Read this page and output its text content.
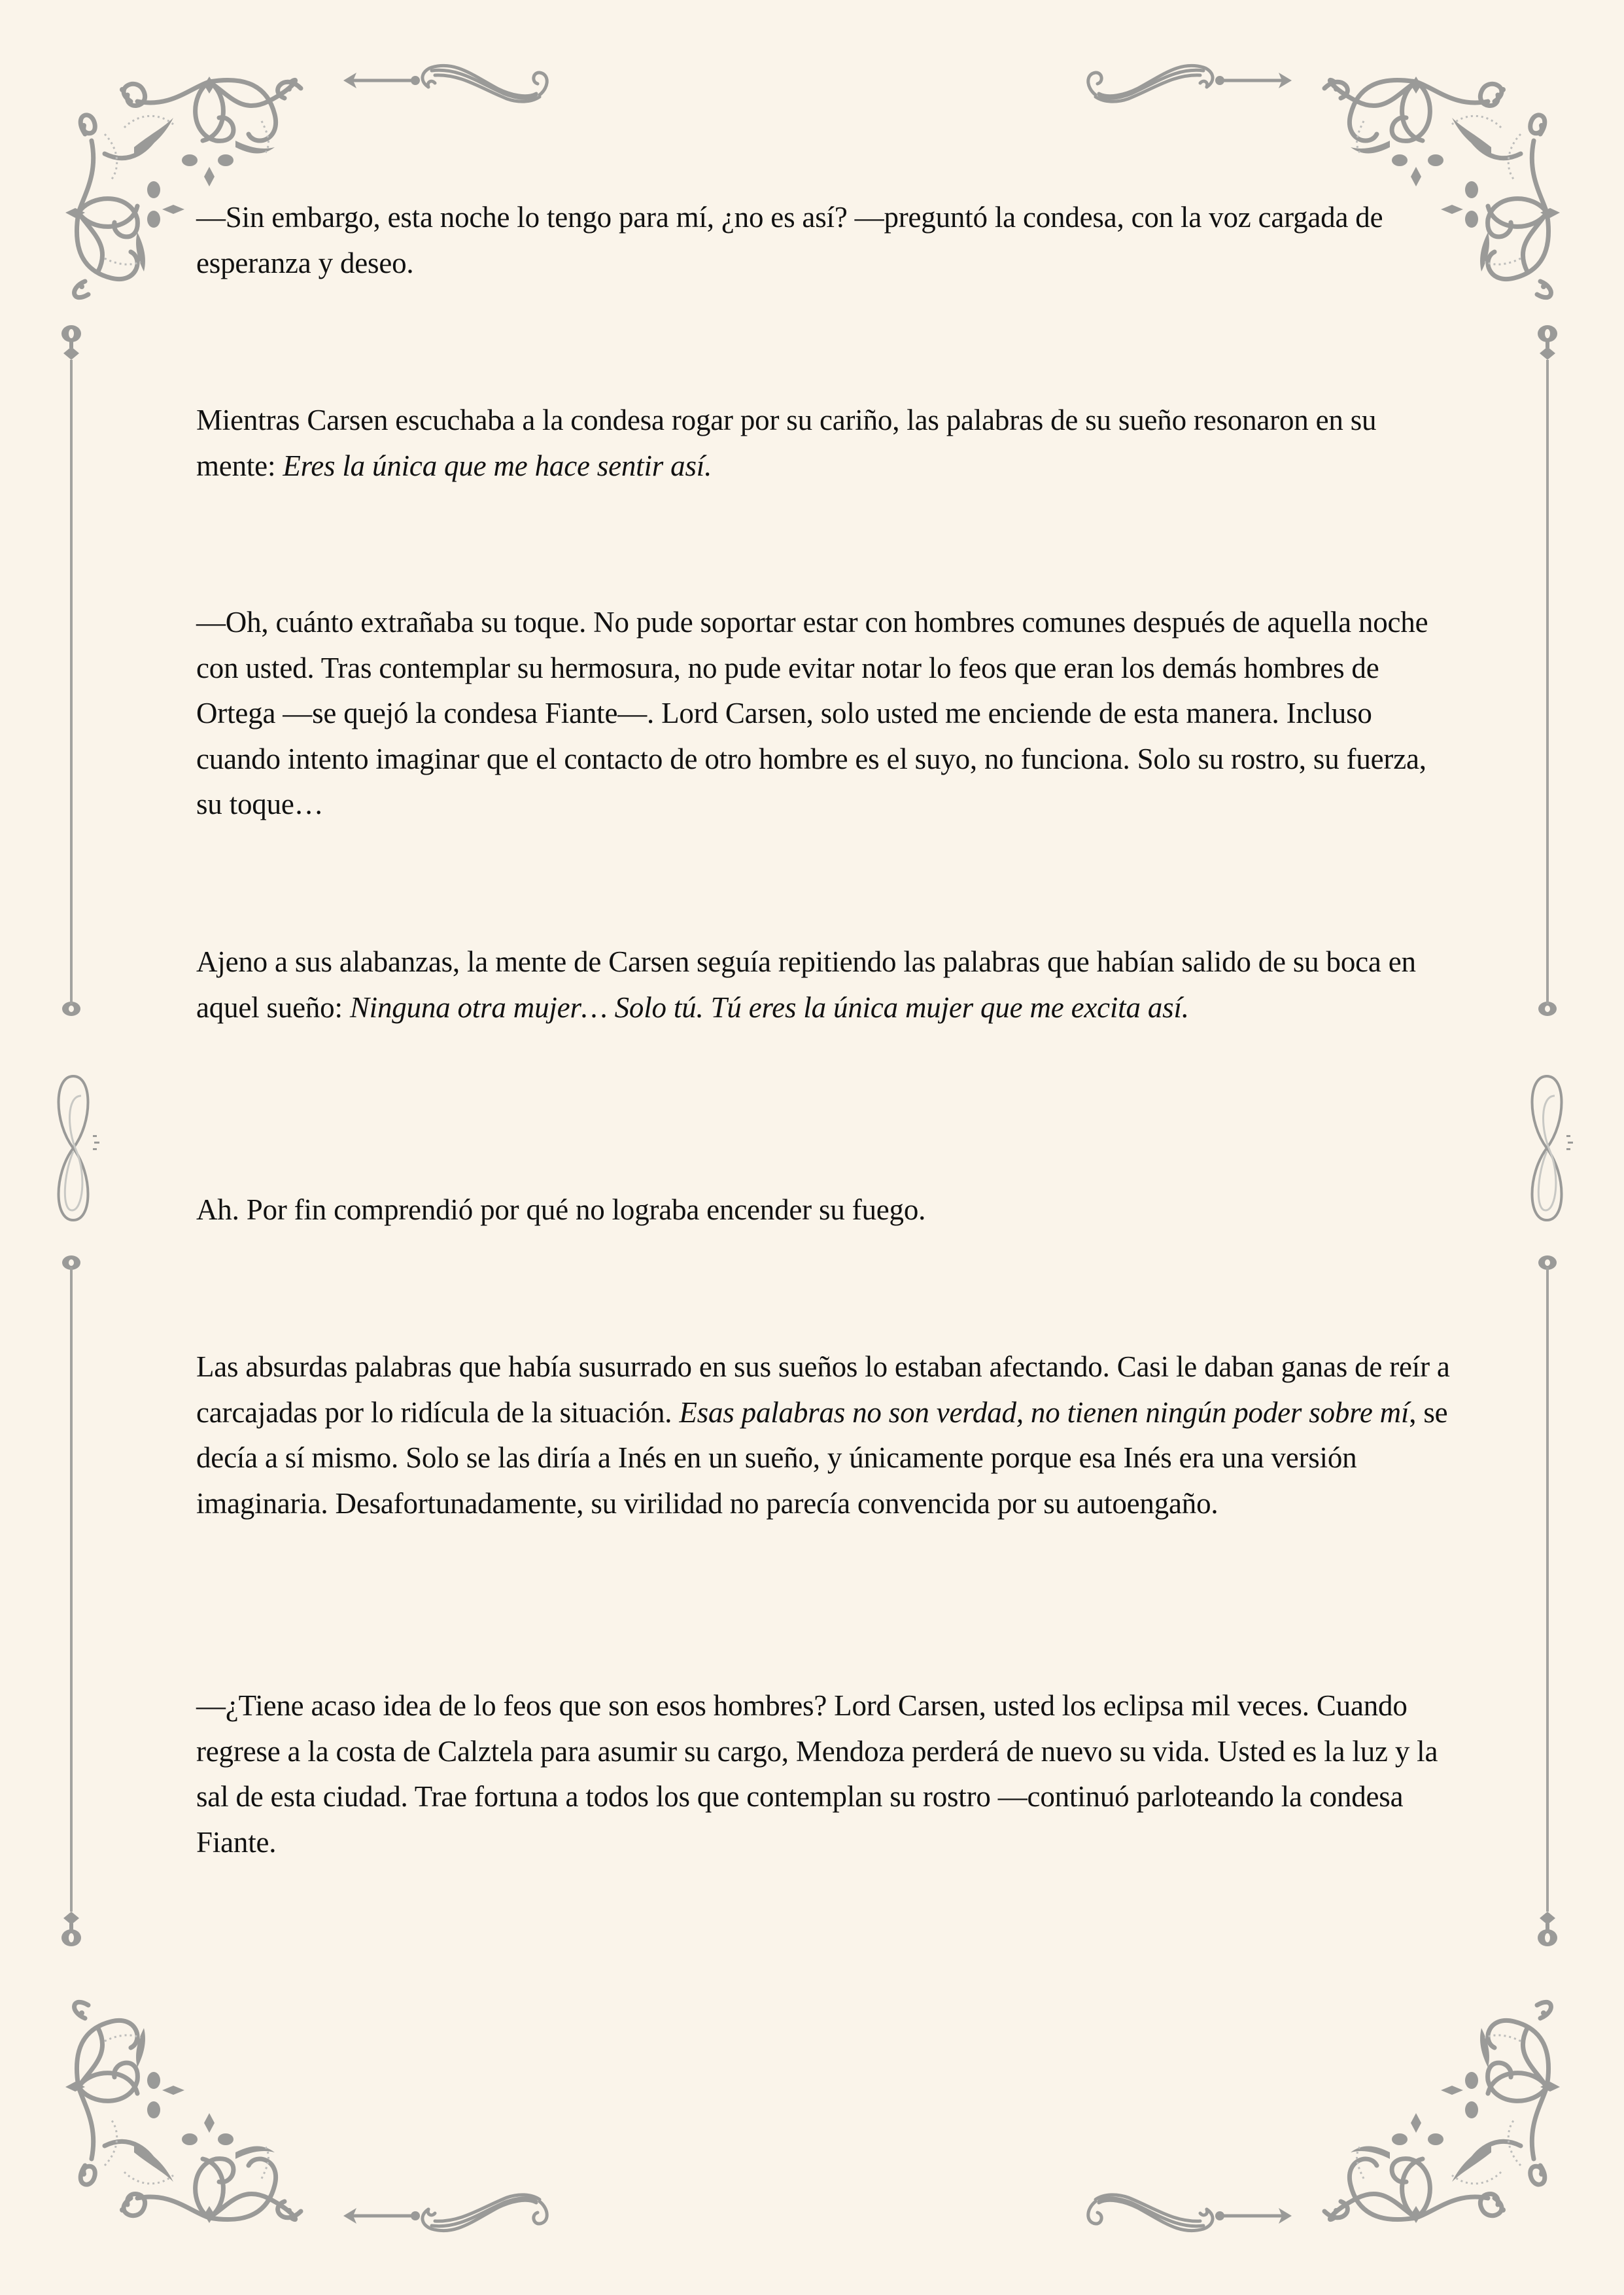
—Sin embargo, esta noche lo tengo para mí, ¿no es así? —preguntó la condesa, con la voz cargada de esperanza y deseo.

Mientras Carsen escuchaba a la condesa rogar por su cariño, las palabras de su sueño resonaron en su mente: Eres la única que me hace sentir así.

—Oh, cuánto extrañaba su toque. No pude soportar estar con hombres comunes después de aquella noche con usted. Tras contemplar su hermosura, no pude evitar notar lo feos que eran los demás hombres de Ortega —se quejó la condesa Fiante—. Lord Carsen, solo usted me enciende de esta manera. Incluso cuando intento imaginar que el contacto de otro hombre es el suyo, no funciona. Solo su rostro, su fuerza, su toque…

Ajeno a sus alabanzas, la mente de Carsen seguía repitiendo las palabras que habían salido de su boca en aquel sueño: Ninguna otra mujer… Solo tú. Tú eres la única mujer que me excita así.

Ah. Por fin comprendió por qué no lograba encender su fuego.

Las absurdas palabras que había susurrado en sus sueños lo estaban afectando. Casi le daban ganas de reír a carcajadas por lo ridícula de la situación. Esas palabras no son verdad, no tienen ningún poder sobre mí, se decía a sí mismo. Solo se las diría a Inés en un sueño, y únicamente porque esa Inés era una versión imaginaria. Desafortunadamente, su virilidad no parecía convencida por su autoengaño.

—¿Tiene acaso idea de lo feos que son esos hombres? Lord Carsen, usted los eclipsa mil veces. Cuando regrese a la costa de Calztela para asumir su cargo, Mendoza perderá de nuevo su vida. Usted es la luz y la sal de esta ciudad. Trae fortuna a todos los que contemplan su rostro —continuó parloteando la condesa Fiante.
